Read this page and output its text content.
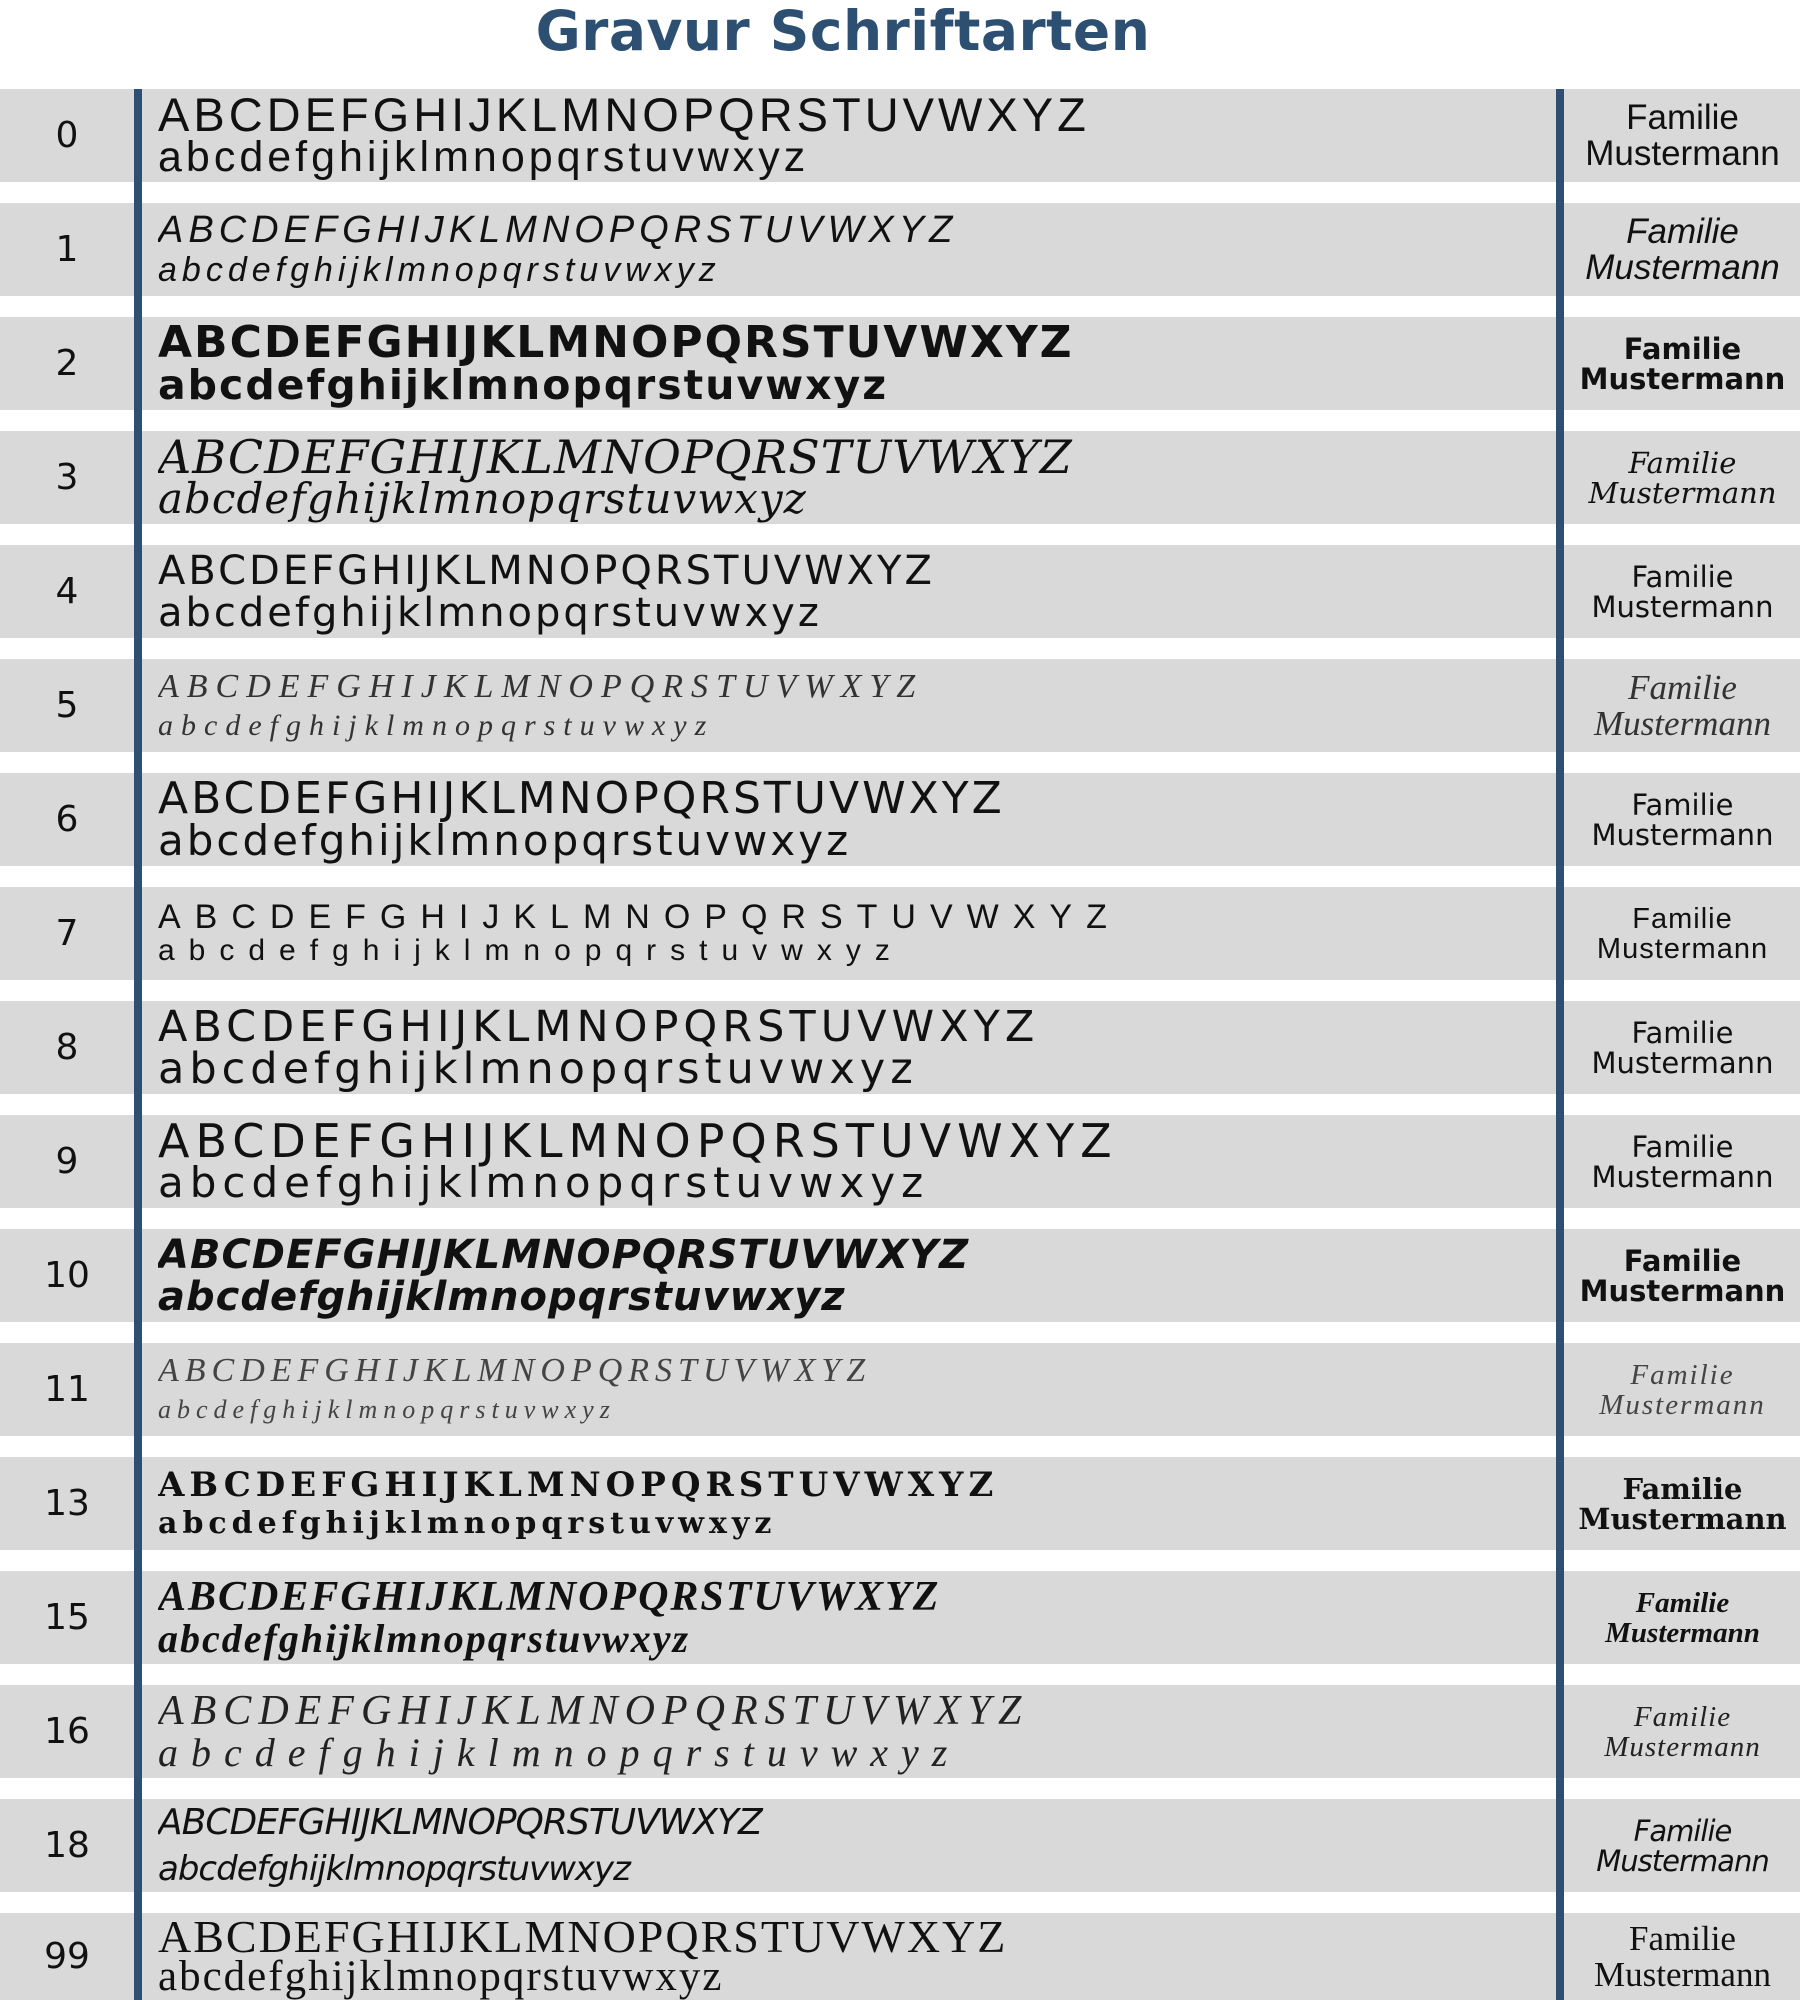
Gravur Schriftarten
0	ABCDEFGHIJKLMNOPQRSTUVWXYZ
abcdefghijklmnopqrstuvwxyz
Familie
Mustermann
1	ABCDEFGHIJKLMNOPQRSTUVWXYZ
abcdefghijklmnopqrstuvwxyz
Familie
Mustermann
2	ABCDEFGHIJKLMNOPQRSTUVWXYZ
abcdefghijklmnopqrstuvwxyz
Familie
Mustermann
3	ABCDEFGHIJKLMNOPQRSTUVWXYZ
abcdefghijklmnopqrstuvwxyz
Familie
Mustermann
4	ABCDEFGHIJKLMNOPQRSTUVWXYZ
abcdefghijklmnopqrstuvwxyz
Familie
Mustermann
5	ABCDEFGHIJKLMNOPQRSTUVWXYZ
abcdefghijklmnopqrstuvwxyz
Familie
Mustermann
6	ABCDEFGHIJKLMNOPQRSTUVWXYZ
abcdefghijklmnopqrstuvwxyz
Familie
Mustermann
7	ABCDEFGHIJKLMNOPQRSTUVWXYZ
abcdefghijklmnopqrstuvwxyz
Familie
Mustermann
8	ABCDEFGHIJKLMNOPQRSTUVWXYZ
abcdefghijklmnopqrstuvwxyz
Familie
Mustermann
9	ABCDEFGHIJKLMNOPQRSTUVWXYZ
abcdefghijklmnopqrstuvwxyz
Familie
Mustermann
10	ABCDEFGHIJKLMNOPQRSTUVWXYZ
abcdefghijklmnopqrstuvwxyz
Familie
Mustermann
11	ABCDEFGHIJKLMNOPQRSTUVWXYZ
abcdefghijklmnopqrstuvwxyz
Familie
Mustermann
13	ABCDEFGHIJKLMNOPQRSTUVWXYZ
abcdefghijklmnopqrstuvwxyz
Familie
Mustermann
15	ABCDEFGHIJKLMNOPQRSTUVWXYZ
abcdefghijklmnopqrstuvwxyz
Familie
Mustermann
16	ABCDEFGHIJKLMNOPQRSTUVWXYZ
abcdefghijklmnopqrstuvwxyz
Familie
Mustermann
18
ABCDEFGHIJKLMNOPQRSTUVWXYZ
abcdefghijklmnopqrstuvwxyz
Familie
Mustermann
99	ABCDEFGHIJKLMNOPQRSTUVWXYZ
abcdefghijklmnopqrstuvwxyz
Familie
Mustermann
